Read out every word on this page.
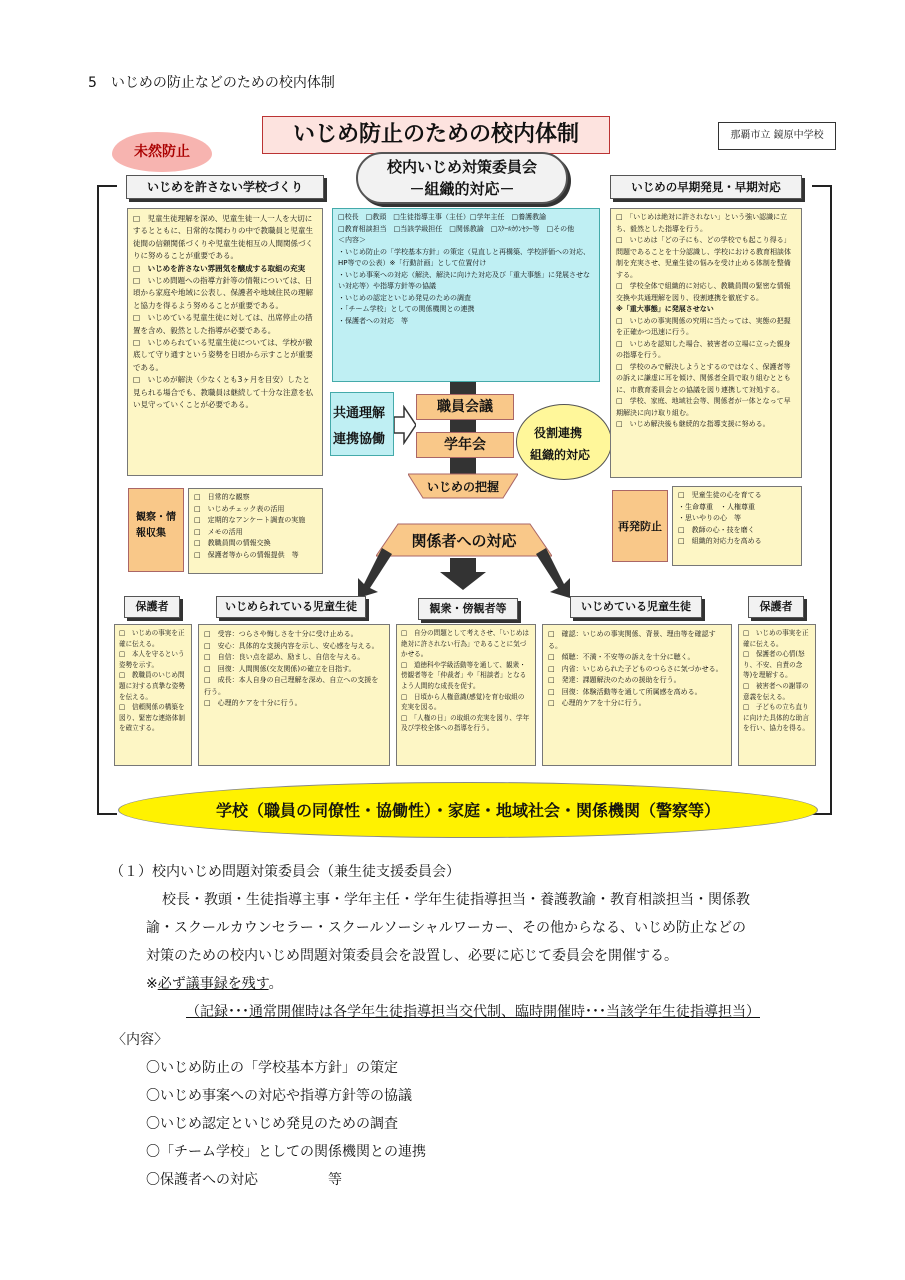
5　いじめの防止などのための校内体制
いじめ防止のための校内体制	那覇市立 鏡原中学校
未然防止
いじめを許さない学校づくり

□　児童生徒理解を深め、児童生徒一人一人を大切にするとともに、日常的な関わりの中で教職員と児童生徒間の信頼関係づくりや児童生徒相互の人間関係づくりに努めることが重要である。

□　いじめを許さない雰囲気を醸成する取組の充実

□　いじめ問題への指導方針等の情報については、日頃から家庭や地域に公表し、保護者や地域住民の理解と協力を得るよう努めることが重要である。

□　いじめている児童生徒に対しては、出席停止の措置を含め、毅然とした指導が必要である。

□　いじめられている児童生徒については、学校が徹底して守り通すという姿勢を日頃から示すことが重要である。

□　いじめが解決（少なくとも3ヶ月を目安）したと見られる場合でも、教職員は継続して十分な注意を払い見守っていくことが必要である。

観察・情報収集
□　日常的な観察
□　いじめチェック表の活用
□　定期的なアンケート調査の実施
□　メモの活用
□　教職員間の情報交換
□　保護者等からの情報提供　等
校内いじめ対策委員会
－組織的対応－
□校長　□教頭　□生徒指導主事（主任）□学年主任　□養護教諭
□教育相談担当　□当該学級担任　□関係教諭　□ｽｸｰﾙｶｳﾝｾﾗｰ等　□その他
＜内容＞

・いじめ防止の「学校基本方針」の策定（見直しと再構築、学校評価への対応、HP等での公表）※「行動計画」として位置付け

・いじめ事案への対応（解決、解決に向けた対応及び「重大事態」に発展させない対応等）や指導方針等の協議

・いじめの認定といじめ発見のための調査

・「チーム学校」としての関係機関との連携

・保護者への対応　等

共通理解
連携協働
職員会議
学年会
役割連携
組織的対応
いじめの把握
関係者への対応
いじめの早期発見・早期対応

□　「いじめは絶対に許されない」という強い認識に立ち、毅然とした指導を行う。

□　いじめは「どの子にも、どの学校でも起こり得る」問題であることを十分認識し、学校における教育相談体制を充実させ、児童生徒の悩みを受け止める体制を整備する。

□　学校全体で組織的に対応し、教職員間の緊密な情報交換や共通理解を図り、役割連携を徹底する。

※「重大事態」に発展させない

□　いじめの事実関係の究明に当たっては、実態の把握を正確かつ迅速に行う。

□　いじめを認知した場合、被害者の立場に立った親身の指導を行う。

□　学校のみで解決しようとするのではなく、保護者等の訴えに謙虚に耳を傾け、関係者全員で取り組むとともに、市教育委員会との協議を図り連携して対処する。

□　学校、家庭、地域社会等、関係者が一体となって早期解決に向け取り組む。

□　いじめ解決後も継続的な指導支援に努める。

再発防止
□　児童生徒の心を育てる
・生命尊重　・人権尊重
・思いやりの心　等
□　教師の心・技を磨く
□　組織的対応力を高める
保護者

□　いじめの事実を正確に伝える。

□　本人を守るという姿勢を示す。

□　教職員のいじめ問題に対する真摯な姿勢を伝える。

□　信頼関係の構築を図り、緊密な連絡体制を確立する。

いじめられている児童生徒

□　受容：つらさや悔しさを十分に受け止める。

□　安心：具体的な支援内容を示し、安心感を与える。

□　自信：良い点を認め、励まし、自信を与える。

□　回復：人間関係(交友関係)の確立を目指す。

□　成長：本人自身の自己理解を深め、自立への支援を行う。

□　心理的ケアを十分に行う。

観衆・傍観者等

□　自分の問題として考えさせ、「いじめは絶対に許されない行為」であることに気づかせる。

□　道徳科や学級活動等を通して、観衆・傍観者等を「仲裁者」や「相談者」となるよう人間的な成長を促す。

□　日頃から人権意識(感覚)を育む取組の充実を図る。

□　「人権の日」の取組の充実を図り、学年及び学校全体への指導を行う。

いじめている児童生徒

□　確認：いじめの事実関係、背景、理由等を確認する。

□　傾聴：不満・不安等の訴えを十分に聴く。

□　内省：いじめられた子どものつらさに気づかせる。

□　発達：課題解決のための援助を行う。

□　回復：体験活動等を通して所属感を高める。

□　心理的ケアを十分に行う。

保護者

□　いじめの事実を正確に伝える。

□　保護者の心情(怒り、不安、自責の念等)を理解する。

□　被害者への謝罪の意義を伝える。

□　子どもの立ち直りに向けた具体的な助言を行い、協力を得る。

学校（職員の同僚性・協働性）・家庭・地域社会・関係機関（警察等）
（１）校内いじめ問題対策委員会（兼生徒支援委員会）
校長・教頭・生徒指導主事・学年主任・学年生徒指導担当・養護教諭・教育相談担当・関係教
諭・スクールカウンセラー・スクールソーシャルワーカー、その他からなる、いじめ防止などの
対策のための校内いじめ問題対策委員会を設置し、必要に応じて委員会を開催する。
※必ず議事録を残す。
（記録･･･通常開催時は各学年生徒指導担当交代制、臨時開催時･･･当該学年生徒指導担当）
〈内容〉
〇いじめ防止の「学校基本方針」の策定
〇いじめ事案への対応や指導方針等の協議
〇いじめ認定といじめ発見のための調査
〇「チーム学校」としての関係機関との連携
〇保護者への対応　　　　　等
